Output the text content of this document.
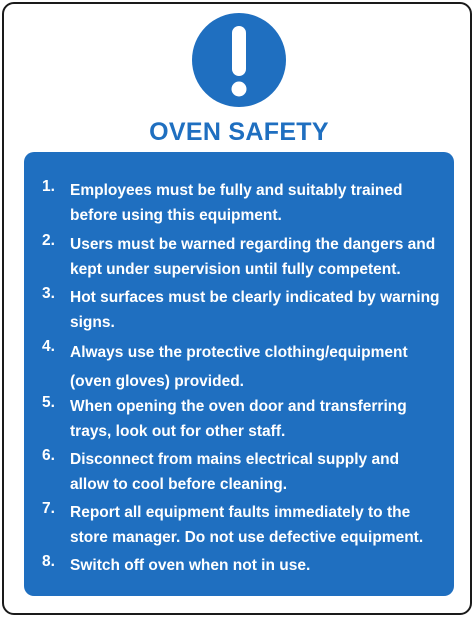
OVEN SAFETY
1. Employees must be fully and suitably trained before using this equipment.
2. Users must be warned regarding the dangers and kept under supervision until fully competent.
3. Hot surfaces must be clearly indicated by warning signs.
4. Always use the protective clothing/equipment (oven gloves) provided.
5. When opening the oven door and transferring trays, look out for other staff.
6. Disconnect from mains electrical supply and allow to cool before cleaning.
7. Report all equipment faults immediately to the store manager. Do not use defective equipment.
8. Switch off oven when not in use.
